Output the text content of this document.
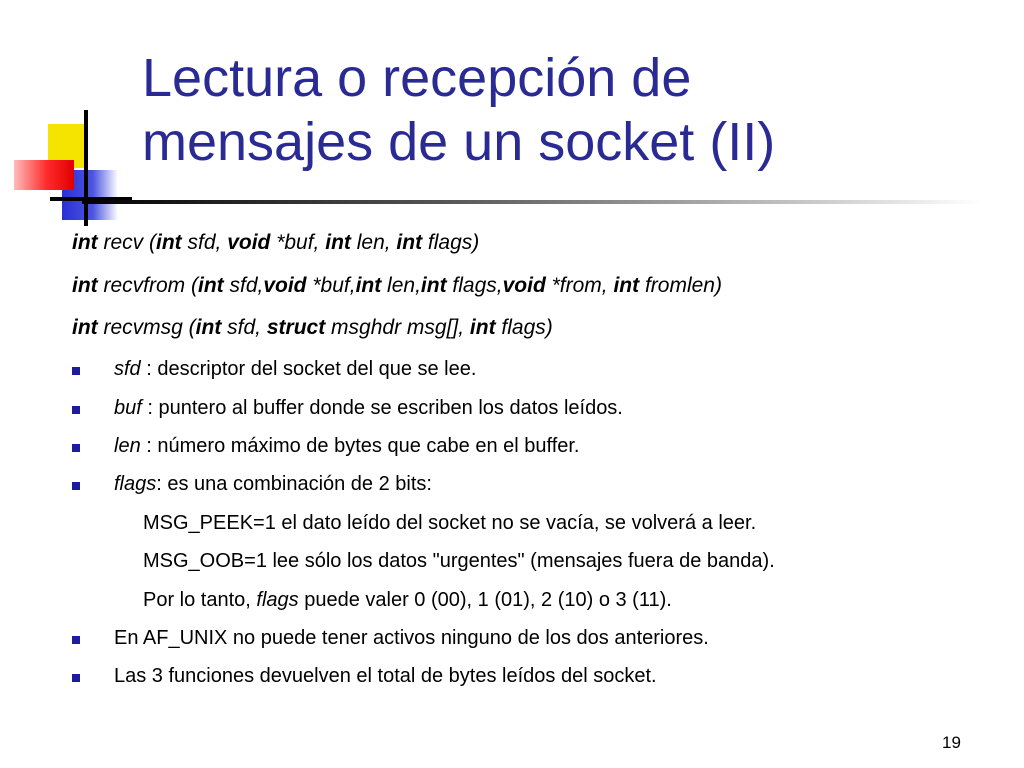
Lectura o recepción de
mensajes de un socket (II)
int recv (int sfd, void *buf, int len, int flags)
int recvfrom (int sfd,void *buf,int len,int flags,void *from, int fromlen)
int recvmsg (int sfd, struct msghdr msg[], int flags)
sfd : descriptor del socket del que se lee.
buf : puntero al buffer donde se escriben los datos leídos.
len : número máximo de bytes que cabe en el buffer.
flags: es una combinación de 2 bits:
MSG_PEEK=1 el dato leído del socket no se vacía, se volverá a leer.
MSG_OOB=1 lee sólo los datos "urgentes" (mensajes fuera de banda).
Por lo tanto, flags puede valer 0 (00), 1 (01), 2 (10) o 3 (11).
En AF_UNIX no puede tener activos ninguno de los dos anteriores.
Las 3 funciones devuelven el total de bytes leídos del socket.
19
